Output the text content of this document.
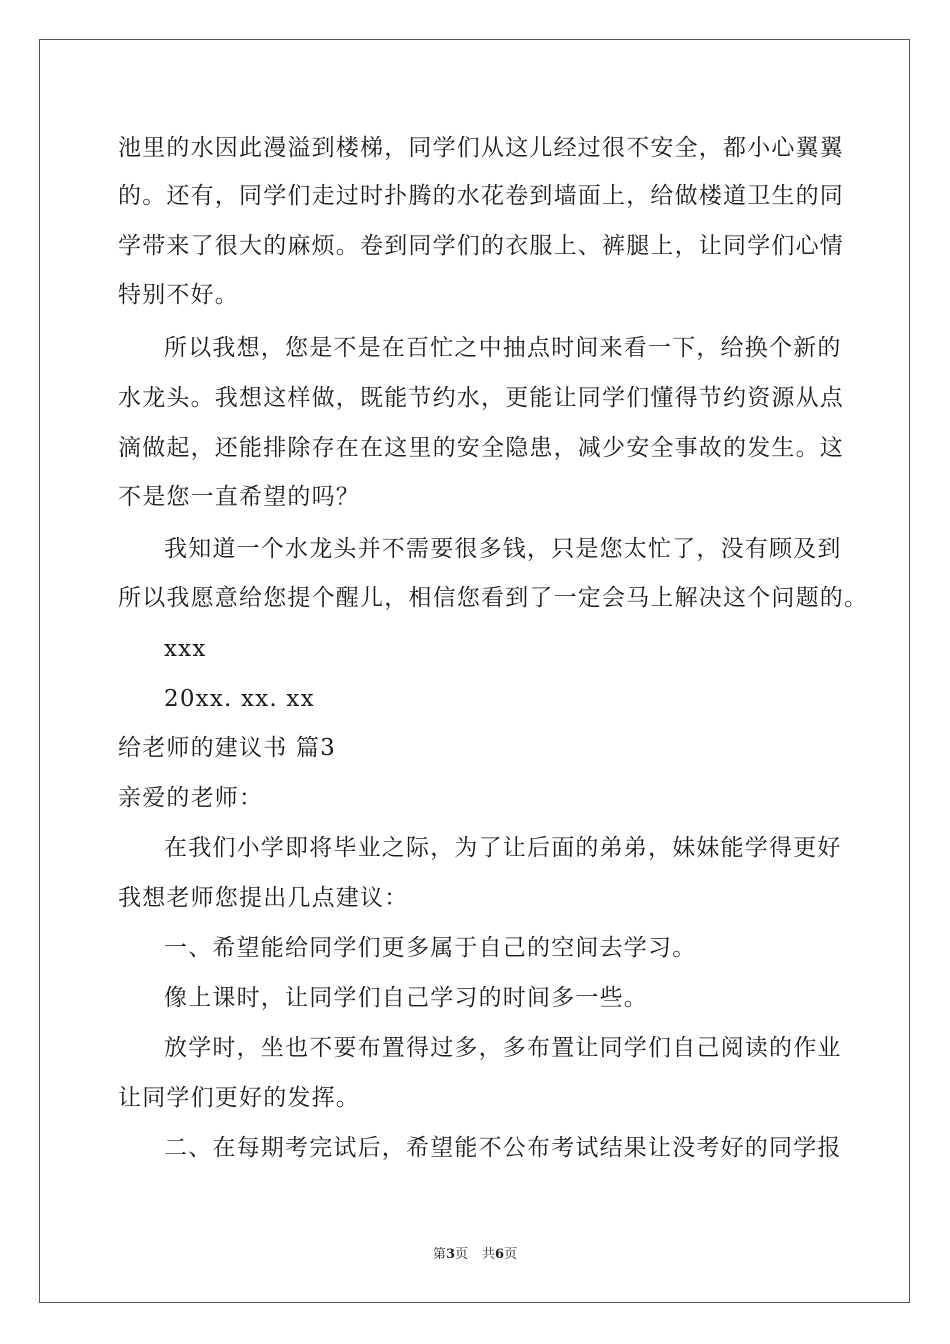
池里的水因此漫溢到楼梯，同学们从这儿经过很不安全，都小心翼翼
的。还有，同学们走过时扑腾的水花卷到墙面上，给做楼道卫生的同
学带来了很大的麻烦。卷到同学们的衣服上、裤腿上，让同学们心情
特别不好。
所以我想，您是不是在百忙之中抽点时间来看一下，给换个新的
水龙头。我想这样做，既能节约水，更能让同学们懂得节约资源从点
滴做起，还能排除存在在这里的安全隐患，减少安全事故的发生。这
不是您一直希望的吗？
我知道一个水龙头并不需要很多钱，只是您太忙了，没有顾及到
所以我愿意给您提个醒儿，相信您看到了一定会马上解决这个问题的。
xxx
20xx. xx. xx
给老师的建议书 篇3
亲爱的老师：
在我们小学即将毕业之际，为了让后面的弟弟，妹妹能学得更好
我想老师您提出几点建议：
一、希望能给同学们更多属于自己的空间去学习。
像上课时，让同学们自己学习的时间多一些。
放学时，坐也不要布置得过多，多布置让同学们自己阅读的作业
让同学们更好的发挥。
二、在每期考完试后，希望能不公布考试结果让没考好的同学报
第3页 共6页
